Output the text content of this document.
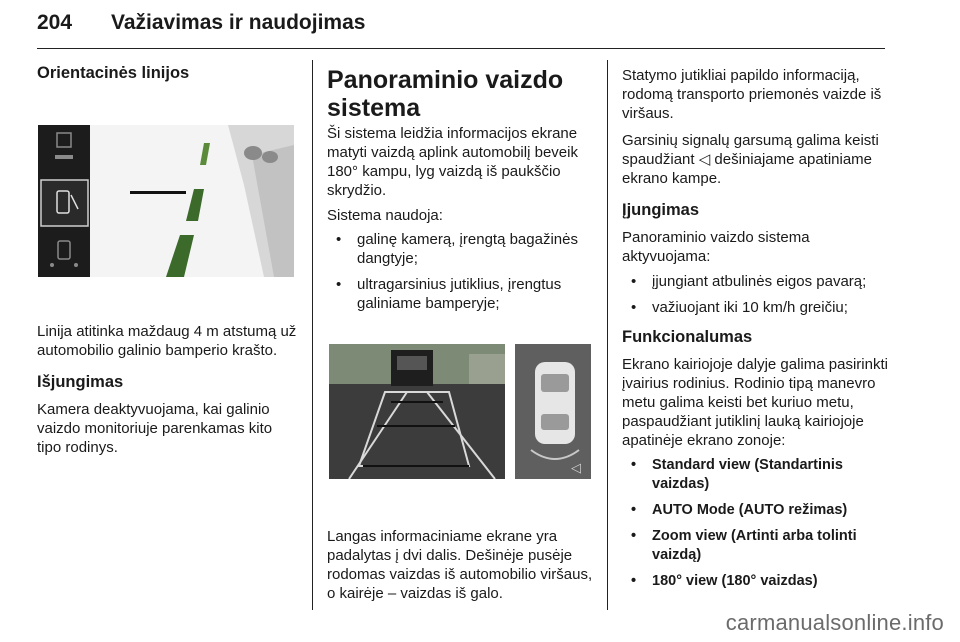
204 Važiavimas ir naudojimas

Orientacinės linijos

Linija atitinka maždaug 4 m atstumą už automobilio galinio bamperio krašto.

Išjungimas

Kamera deaktyvuojama, kai galinio vaizdo monitoriuje parenkamas kito tipo rodinys.

Panoraminio vaizdo sistema

Ši sistema leidžia informacijos ekrane matyti vaizdą aplink automobilį beveik 180° kampu, lyg vaizdą iš paukščio skrydžio.

Sistema naudoja:

• galinę kamerą, įrengtą bagažinės dangtyje;
• ultragarsinius jutiklius, įrengtus galiniame bamperyje;
◁

Langas informaciniame ekrane yra padalytas į dvi dalis. Dešinėje pusėje rodomas vaizdas iš automobilio viršaus, o kairėje – vaizdas iš galo.

Statymo jutikliai papildo informaciją, rodomą transporto priemonės vaizde iš viršaus.

Garsinių signalų garsumą galima keisti spaudžiant ◁ dešiniajame apatiniame ekrano kampe.

Įjungimas

Panoraminio vaizdo sistema aktyvuojama:

• įjungiant atbulinės eigos pavarą;
• važiuojant iki 10 km/h greičiu;

Funkcionalumas

Ekrano kairiojoje dalyje galima pasirinkti įvairius rodinius. Rodinio tipą manevro metu galima keisti bet kuriuo metu, paspaudžiant jutiklinį lauką kairiojoje apatinėje ekrano zonoje:

• Standard view (Standartinis vaizdas)
• AUTO Mode (AUTO režimas)
• Zoom view (Artinti arba tolinti vaizdą)
• 180° view (180° vaizdas)
carmanualsonline.info
